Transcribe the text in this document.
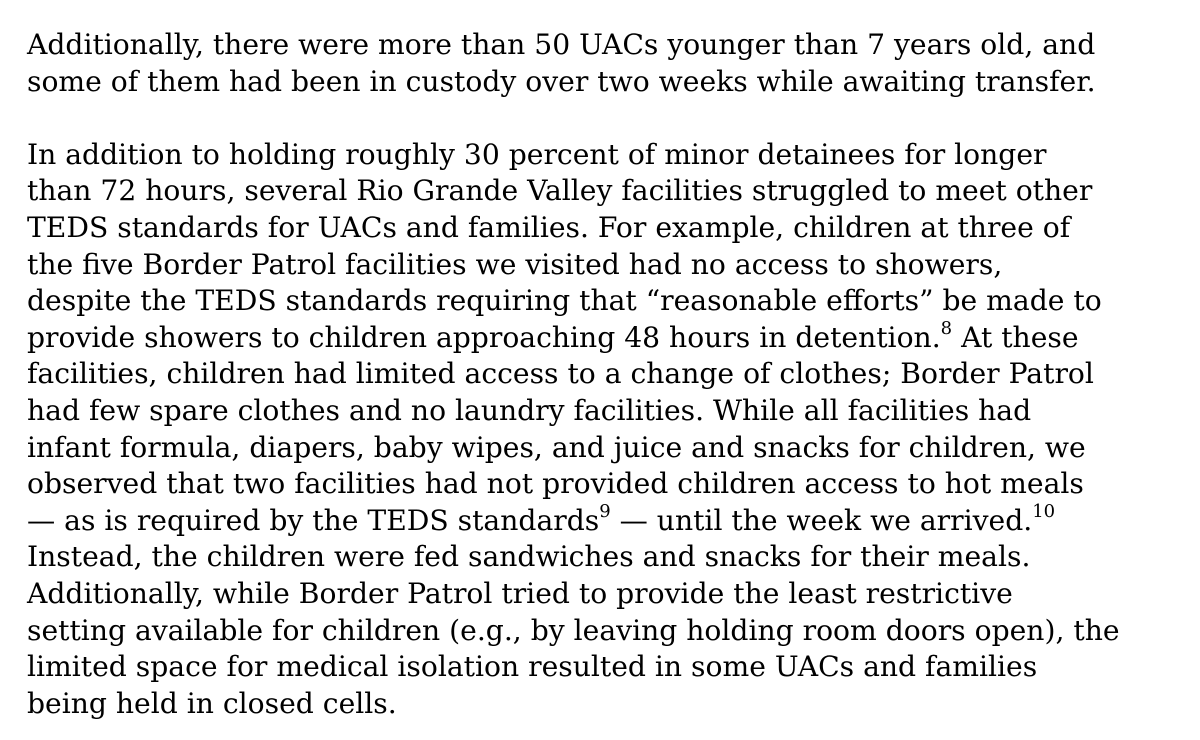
Additionally, there were more than 50 UACs younger than 7 years old, and
some of them had been in custody over two weeks while awaiting transfer.
In addition to holding roughly 30 percent of minor detainees for longer
than 72 hours, several Rio Grande Valley facilities struggled to meet other
TEDS standards for UACs and families. For example, children at three of
the five Border Patrol facilities we visited had no access to showers,
despite the TEDS standards requiring that “reasonable efforts” be made to
provide showers to children approaching 48 hours in detention.$^8$ At these
facilities, children had limited access to a change of clothes; Border Patrol
had few spare clothes and no laundry facilities. While all facilities had
infant formula, diapers, baby wipes, and juice and snacks for children, we
observed that two facilities had not provided children access to hot meals
— as is required by the TEDS standards$^9$ — until the week we arrived.$^{10}$
Instead, the children were fed sandwiches and snacks for their meals.
Additionally, while Border Patrol tried to provide the least restrictive
setting available for children (e.g., by leaving holding room doors open), the
limited space for medical isolation resulted in some UACs and families
being held in closed cells.
